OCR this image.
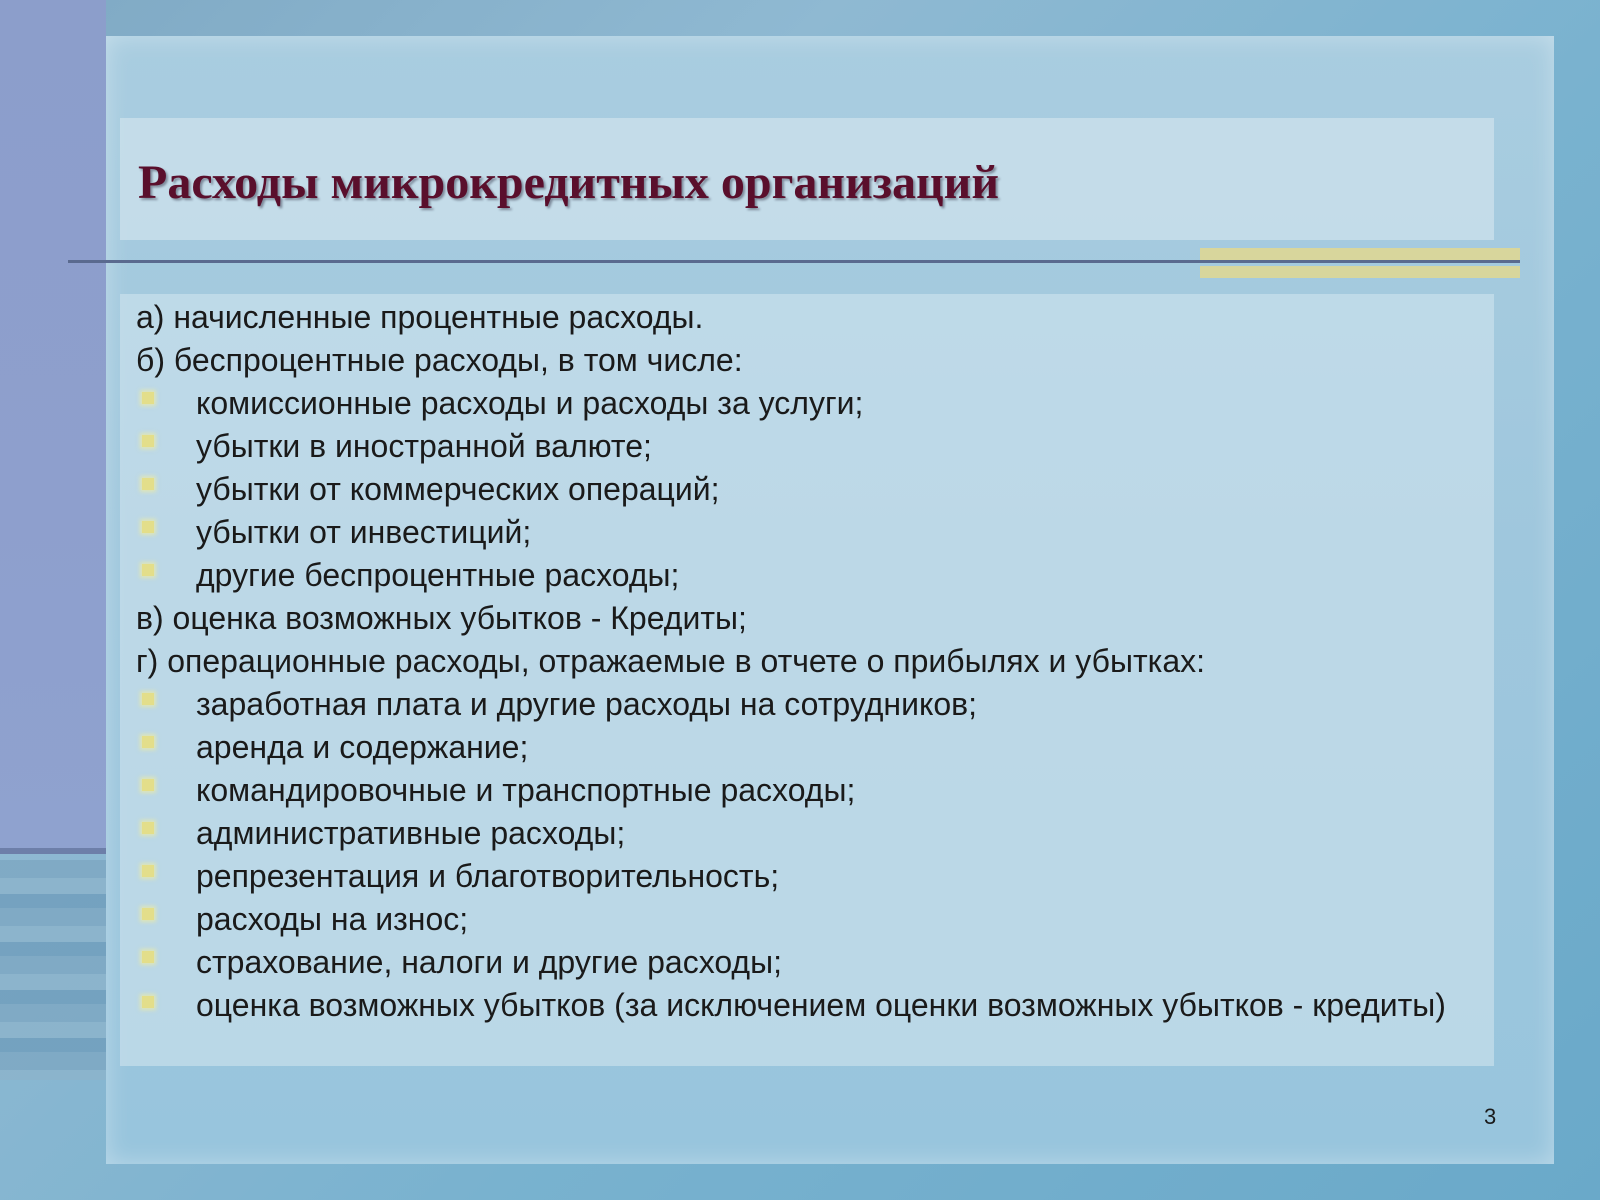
Расходы микрокредитных организаций
а) начисленные процентные расходы.
б) беспроцентные расходы, в том числе:
комиссионные расходы и расходы за услуги;
убытки в иностранной валюте;
убытки от коммерческих операций;
убытки от инвестиций;
другие беспроцентные расходы;
в) оценка возможных убытков - Кредиты;
г) операционные расходы, отражаемые в отчете о прибылях и убытках:
заработная плата и другие расходы на сотрудников;
аренда и содержание;
командировочные и транспортные расходы;
административные расходы;
репрезентация и благотворительность;
расходы на износ;
страхование, налоги и другие расходы;
оценка возможных убытков (за исключением оценки возможных убытков - кредиты)
3
